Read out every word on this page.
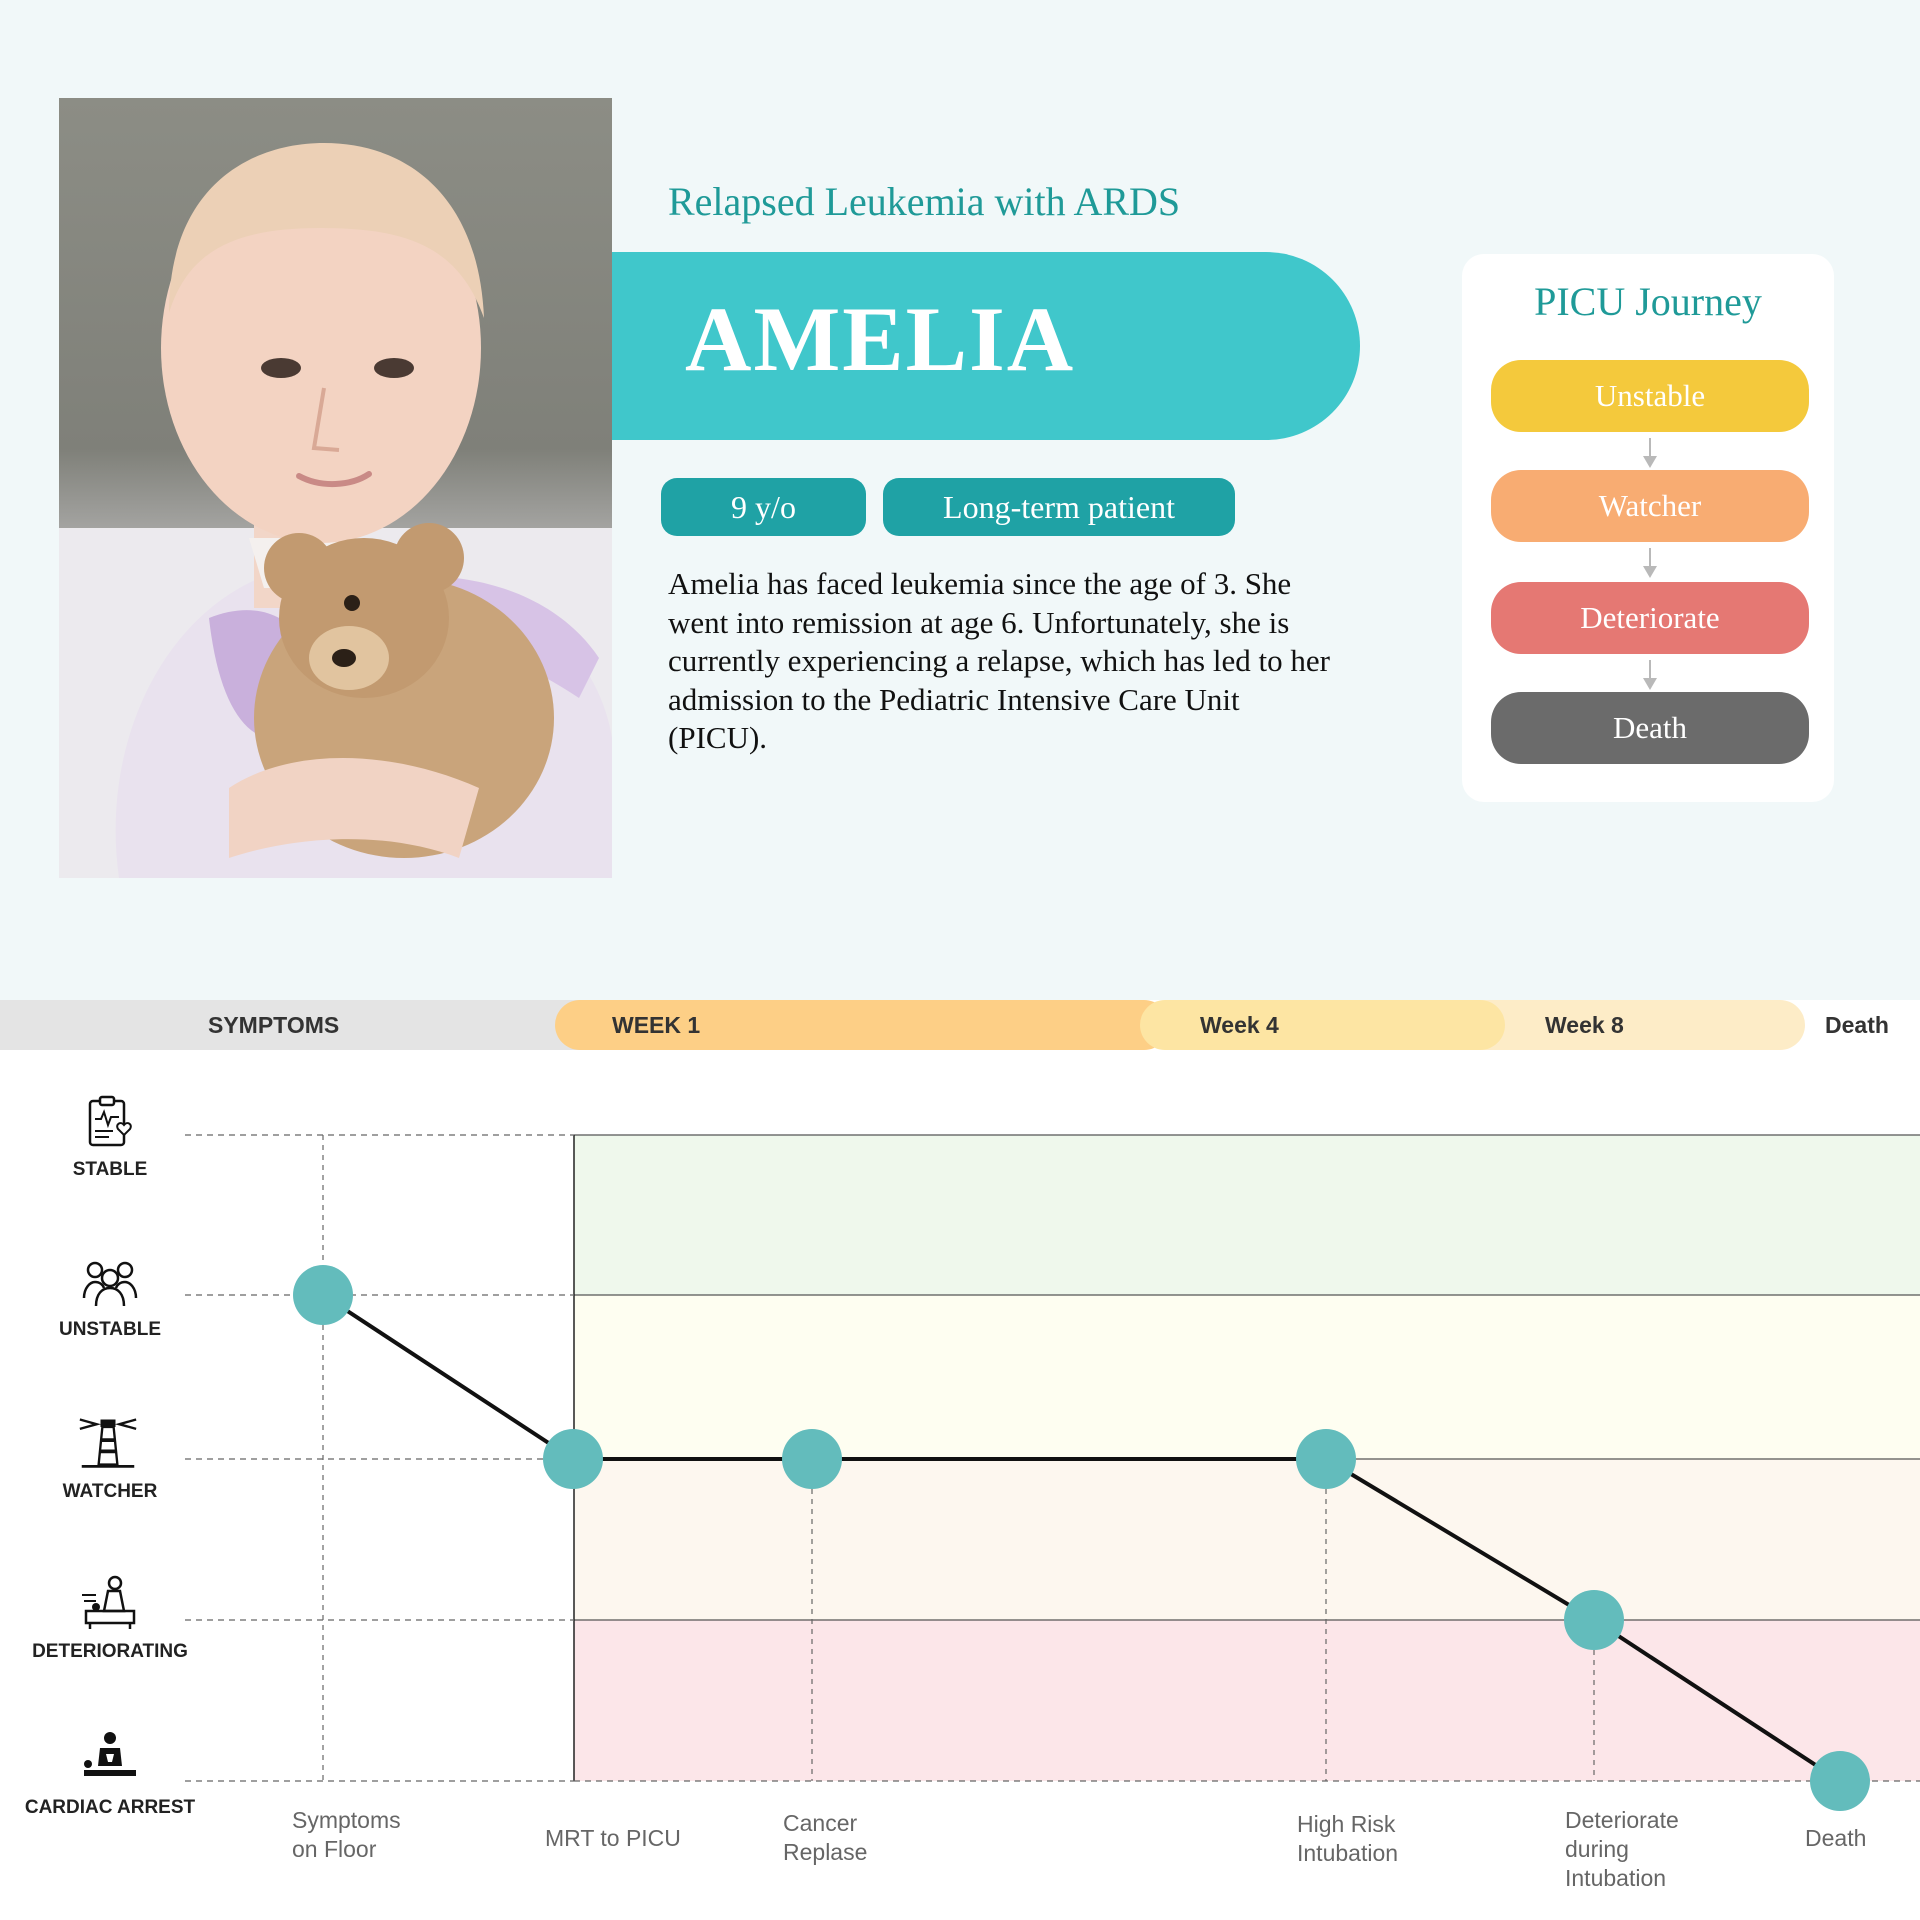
Relapsed Leukemia with ARDS
AMELIA
9 y/o	Long-term patient

Amelia has faced leukemia since the age of 3. She went into remission at age 6. Unfortunately, she is currently experiencing a relapse, which has led to her admission to the Pediatric Intensive Care Unit (PICU).

PICU Journey
Unstable
Watcher
Deteriorate
Death
SYMPTOMS	WEEK 1	Death
Week 8
Week 4
STABLE
UNSTABLE
WATCHER
DETERIORATING
CARDIAC ARREST	Symptoms
on Floor	MRT to PICU
Cancer
Replase
High Risk
Intubation
Deteriorate
during
Intubation
Death
